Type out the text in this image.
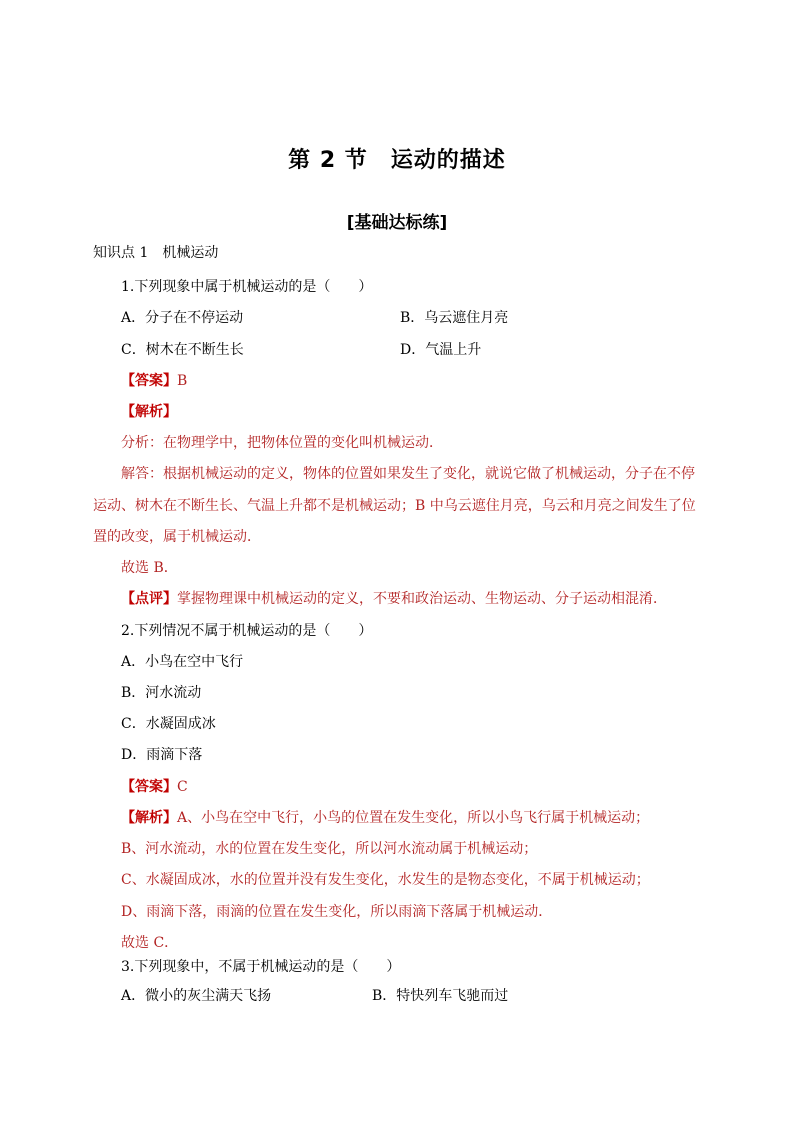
第 2 节　运动的描述
[基础达标练]
知识点 1　机械运动
1.下列现象中属于机械运动的是（　　）
A．分子在不停运动	B．乌云遮住月亮
C．树木在不断生长	D．气温上升
【答案】B
【解析】
分析：在物理学中，把物体位置的变化叫机械运动．
解答：根据机械运动的定义，物体的位置如果发生了变化，就说它做了机械运动，分子在不停
运动、树木在不断生长、气温上升都不是机械运动；B 中乌云遮住月亮，乌云和月亮之间发生了位
置的改变，属于机械运动．
故选 B．
【点评】掌握物理课中机械运动的定义，不要和政治运动、生物运动、分子运动相混淆．
2.下列情况不属于机械运动的是（　　）
A．小鸟在空中飞行
B．河水流动
C．水凝固成冰
D．雨滴下落
【答案】C
【解析】A、小鸟在空中飞行，小鸟的位置在发生变化，所以小鸟飞行属于机械运动；
B、河水流动，水的位置在发生变化，所以河水流动属于机械运动；
C、水凝固成冰，水的位置并没有发生变化，水发生的是物态变化，不属于机械运动；
D、雨滴下落，雨滴的位置在发生变化，所以雨滴下落属于机械运动．
故选 C．
3.下列现象中，不属于机械运动的是（　　）
A．微小的灰尘满天飞扬	B．特快列车飞驰而过
